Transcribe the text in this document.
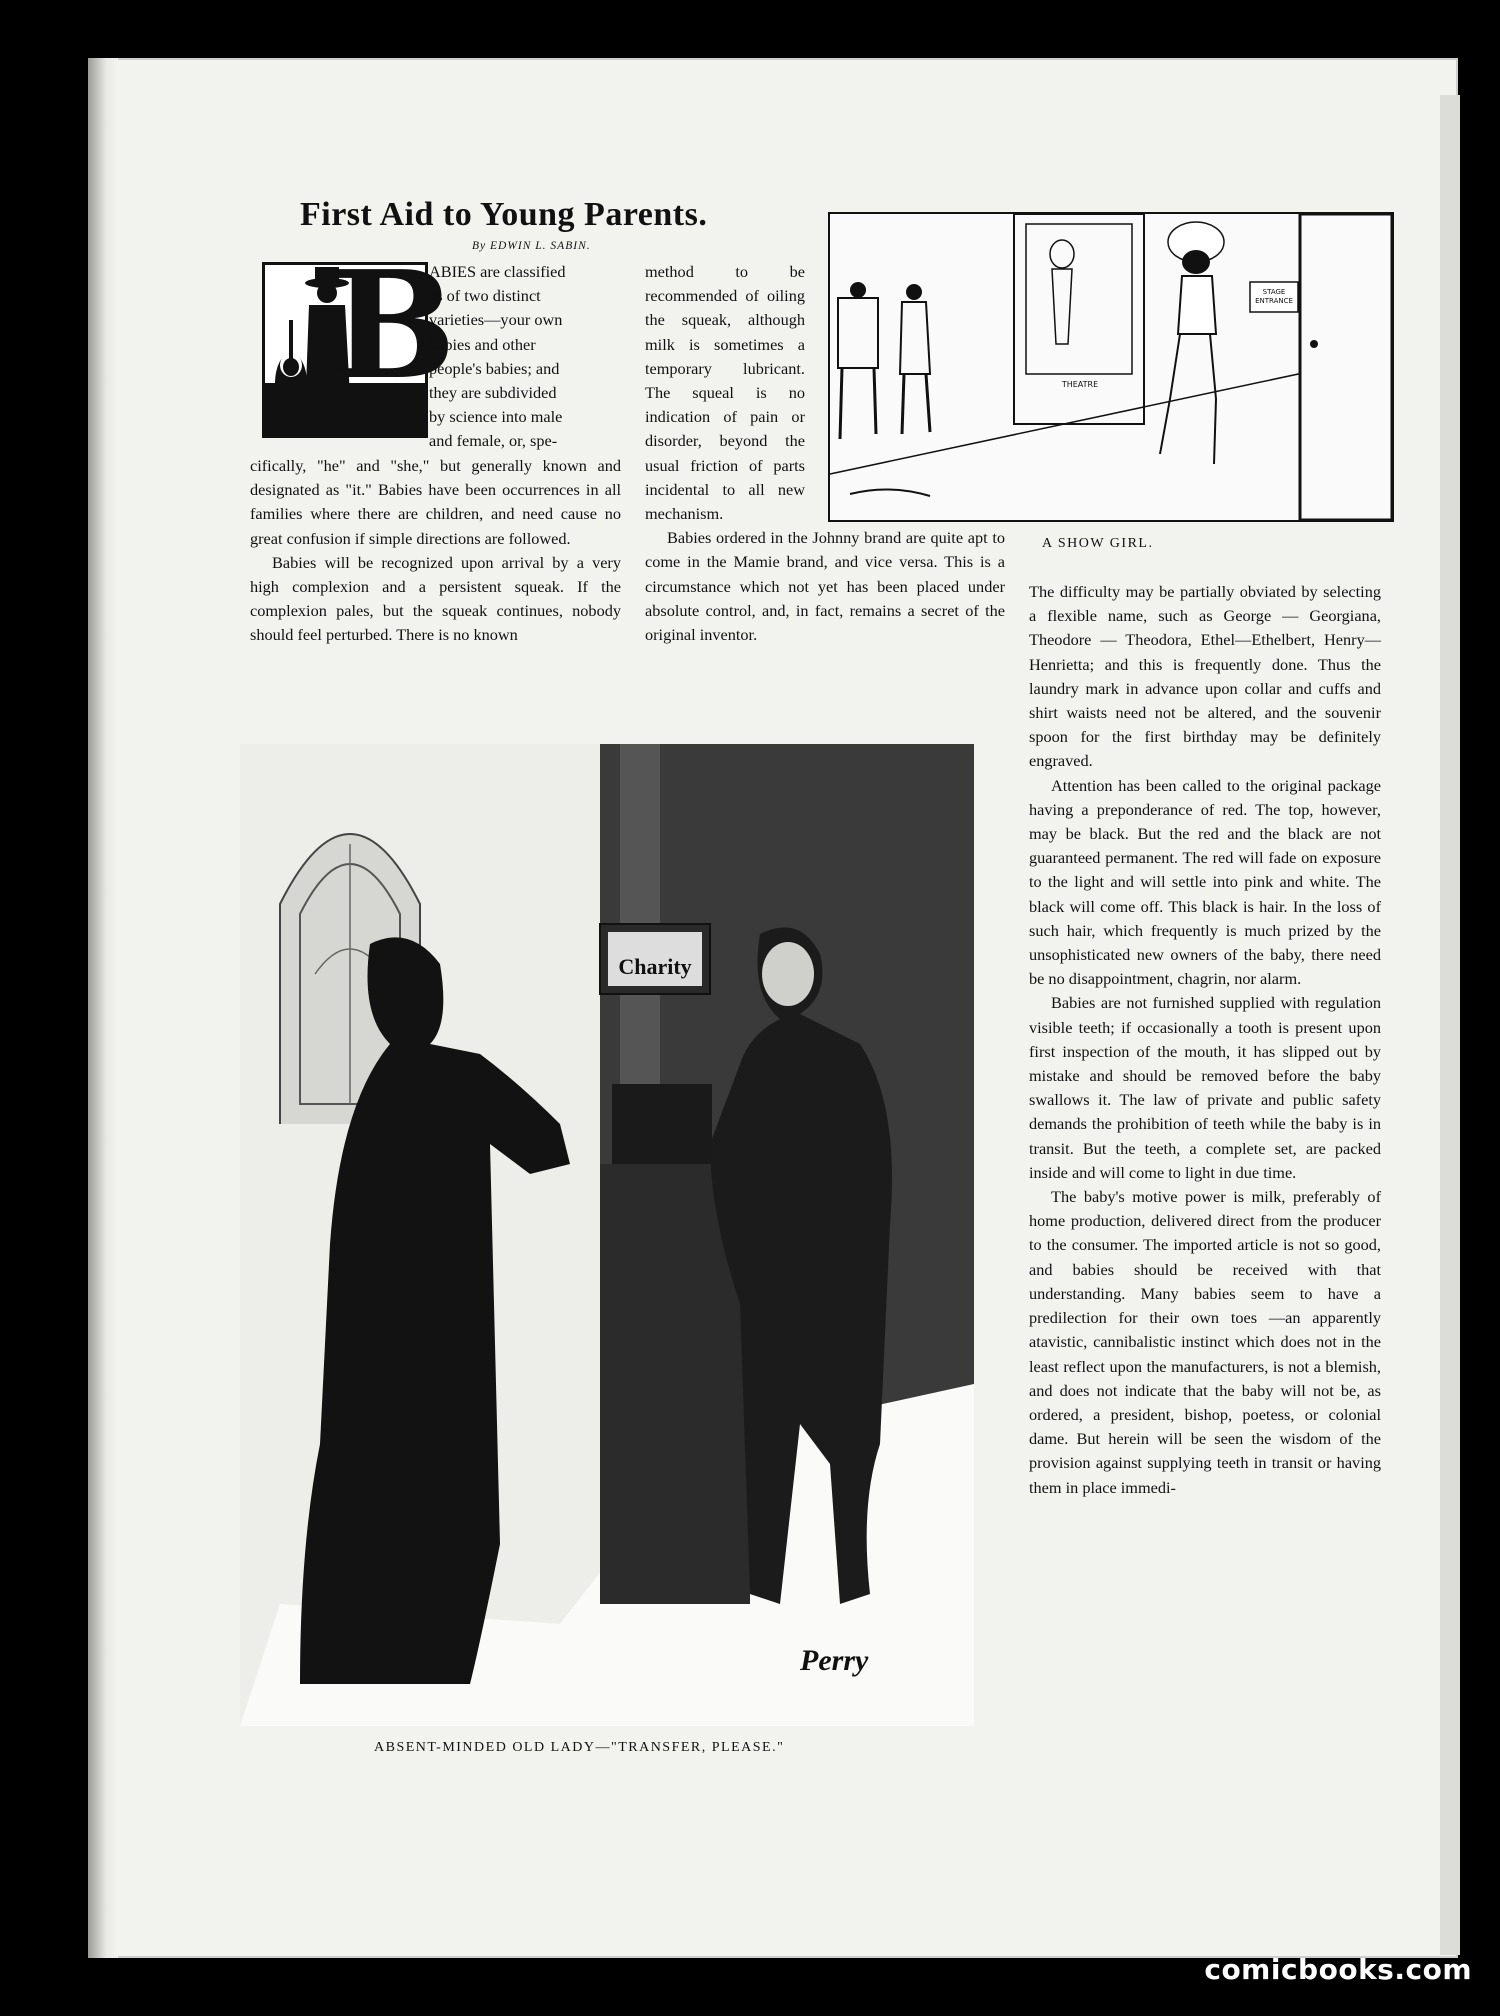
First Aid to Young Parents.
By EDWIN L. SABIN.
B
ABIES are classified
as of two distinct
varieties—your own
babies and other
people's babies; and
they are subdivided
by science into male
and female, or, spe-

cifically, "he" and "she," but generally known and designated as "it." Babies have been occurrences in all families where there are children, and need cause no great confusion if simple directions are followed.

Babies will be recognized upon arrival by a very high complexion and a persistent squeak. If the complexion pales, but the squeak continues, nobody should feel perturbed. There is no known

method to be recommended of oiling the squeak, although milk is sometimes a temporary lubricant. The squeal is no indication of pain or disorder, beyond the usual friction of parts incidental to all new mechanism.

Babies ordered in the Johnny brand are quite apt to come in the Mamie brand, and vice versa. This is a circumstance which not yet has been placed under absolute control, and, in fact, remains a secret of the original inventor.

STAGE ENTRANCE
THEATRE
A SHOW GIRL.
Charity
Perry
ABSENT-MINDED OLD LADY—"TRANSFER, PLEASE."

The difficulty may be partially obviated by selecting a flexible name, such as George — Georgiana, Theodore — Theodora, Ethel—Ethelbert, Henry—Henrietta; and this is frequently done. Thus the laundry mark in advance upon collar and cuffs and shirt waists need not be altered, and the souvenir spoon for the first birthday may be definitely engraved.

Attention has been called to the original package having a preponderance of red. The top, however, may be black. But the red and the black are not guaranteed permanent. The red will fade on exposure to the light and will settle into pink and white. The black will come off. This black is hair. In the loss of such hair, which frequently is much prized by the unsophisticated new owners of the baby, there need be no disappointment, chagrin, nor alarm.

Babies are not furnished supplied with regulation visible teeth; if occasionally a tooth is present upon first inspection of the mouth, it has slipped out by mistake and should be removed before the baby swallows it. The law of private and public safety demands the prohibition of teeth while the baby is in transit. But the teeth, a complete set, are packed inside and will come to light in due time.

The baby's motive power is milk, preferably of home production, delivered direct from the producer to the consumer. The imported article is not so good, and babies should be received with that understanding. Many babies seem to have a predilection for their own toes —an apparently atavistic, cannibalistic instinct which does not in the least reflect upon the manufacturers, is not a blemish, and does not indicate that the baby will not be, as ordered, a president, bishop, poetess, or colonial dame. But herein will be seen the wisdom of the provision against supplying teeth in transit or having them in place immedi-

comicbooks.com
